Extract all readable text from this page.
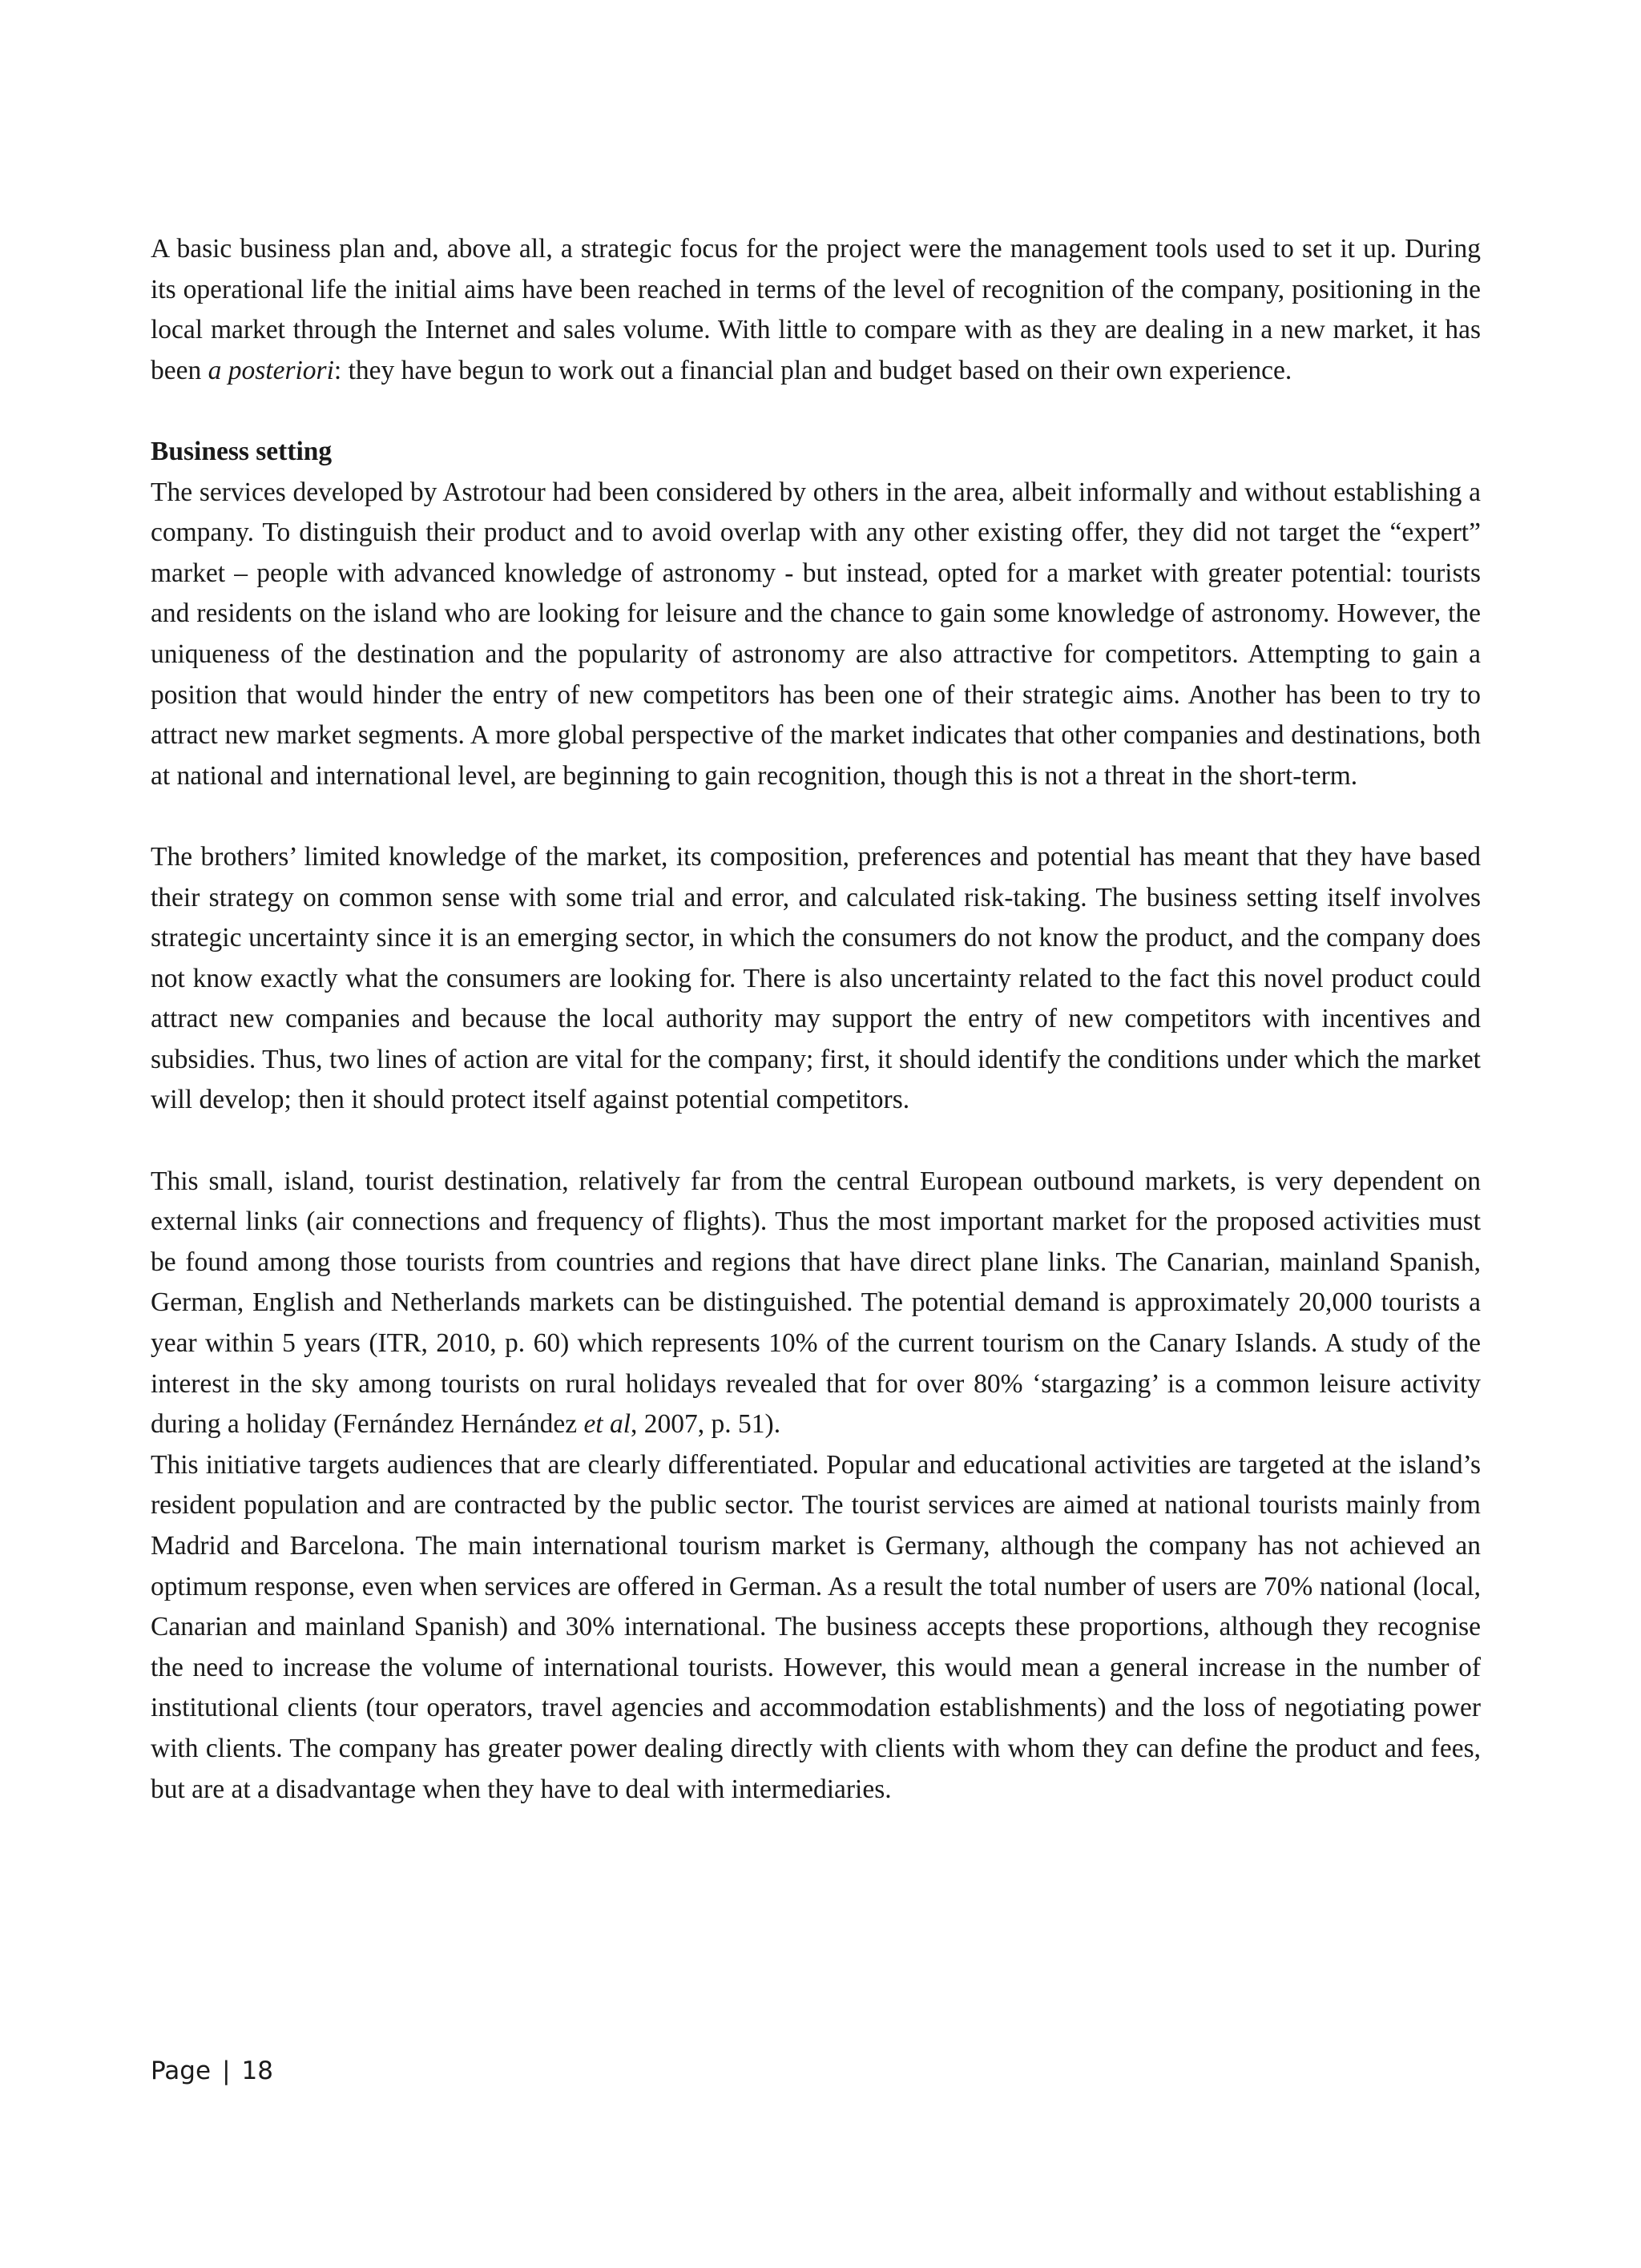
A basic business plan and, above all, a strategic focus for the project were the management tools used to set it up. During its operational life the initial aims have been reached in terms of the level of recognition of the company, positioning in the local market through the Internet and sales volume. With little to compare with as they are dealing in a new market, it has been a posteriori: they have begun to work out a financial plan and budget based on their own experience.

Business setting

The services developed by Astrotour had been considered by others in the area, albeit informally and without establishing a company. To distinguish their product and to avoid overlap with any other existing offer, they did not target the “expert” market – people with advanced knowledge of astronomy - but instead, opted for a market with greater potential: tourists and residents on the island who are looking for leisure and the chance to gain some knowledge of astronomy. However, the uniqueness of the destination and the popularity of astronomy are also attractive for competitors. Attempting to gain a position that would hinder the entry of new competitors has been one of their strategic aims. Another has been to try to attract new market segments. A more global perspective of the market indicates that other companies and destinations, both at national and international level, are beginning to gain recognition, though this is not a threat in the short-term.

The brothers’ limited knowledge of the market, its composition, preferences and potential has meant that they have based their strategy on common sense with some trial and error, and calculated risk-taking. The business setting itself involves strategic uncertainty since it is an emerging sector, in which the consumers do not know the product, and the company does not know exactly what the consumers are looking for. There is also uncertainty related to the fact this novel product could attract new companies and because the local authority may support the entry of new competitors with incentives and subsidies. Thus, two lines of action are vital for the company; first, it should identify the conditions under which the market will develop; then it should protect itself against potential competitors.

This small, island, tourist destination, relatively far from the central European outbound markets, is very dependent on external links (air connections and frequency of flights). Thus the most important market for the proposed activities must be found among those tourists from countries and regions that have direct plane links. The Canarian, mainland Spanish, German, English and Netherlands markets can be distinguished. The potential demand is approximately 20,000 tourists a year within 5 years (ITR, 2010, p. 60) which represents 10% of the current tourism on the Canary Islands. A study of the interest in the sky among tourists on rural holidays revealed that for over 80% ‘stargazing’ is a common leisure activity during a holiday (Fernández Hernández et al, 2007, p. 51).

This initiative targets audiences that are clearly differentiated. Popular and educational activities are targeted at the island’s resident population and are contracted by the public sector. The tourist services are aimed at national tourists mainly from Madrid and Barcelona. The main international tourism market is Germany, although the company has not achieved an optimum response, even when services are offered in German. As a result the total number of users are 70% national (local, Canarian and mainland Spanish) and 30% international. The business accepts these proportions, although they recognise the need to increase the volume of international tourists. However, this would mean a general increase in the number of institutional clients (tour operators, travel agencies and accommodation establishments) and the loss of negotiating power with clients. The company has greater power dealing directly with clients with whom they can define the product and fees, but are at a disadvantage when they have to deal with intermediaries.

Page | 18
